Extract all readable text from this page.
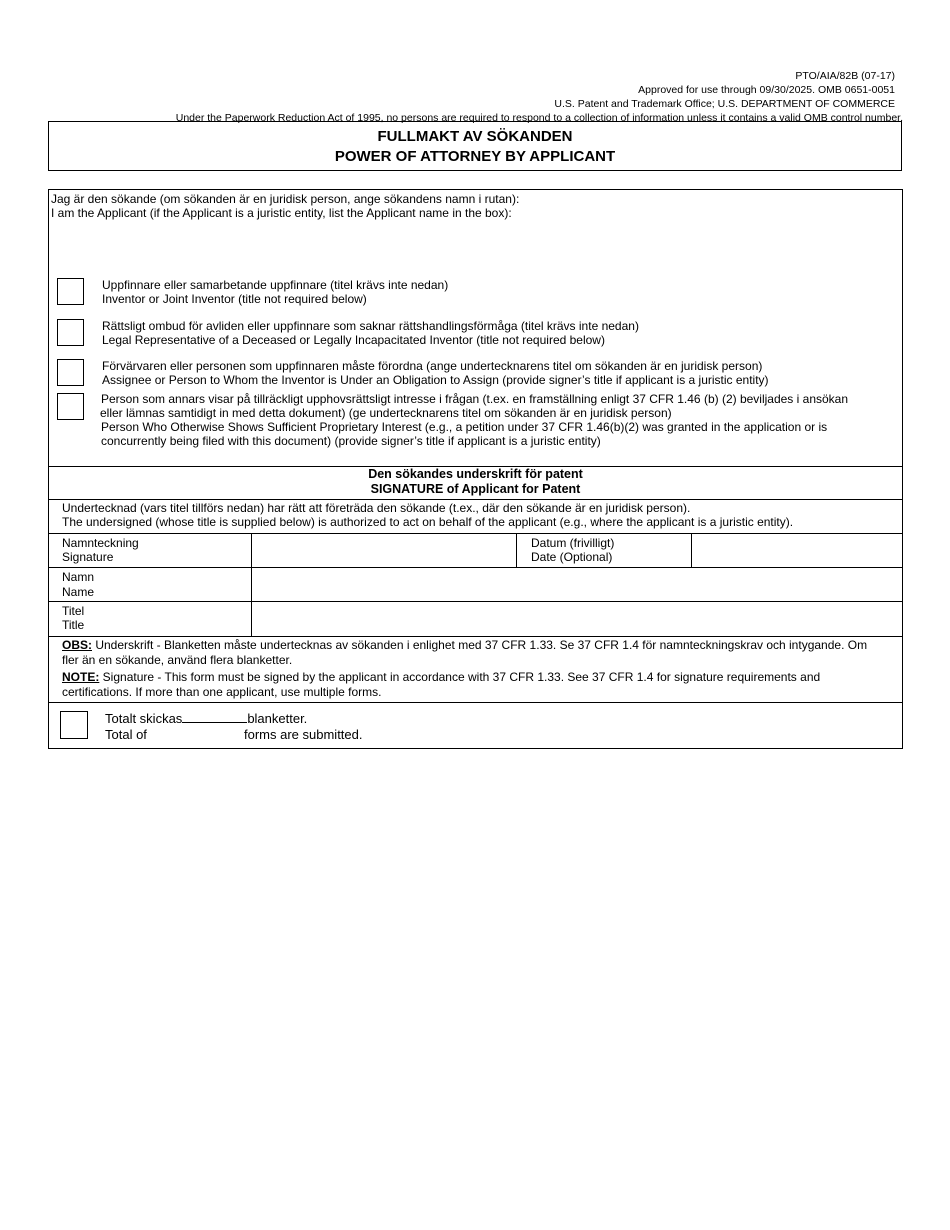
PTO/AIA/82B (07-17)
Approved for use through 09/30/2025. OMB 0651-0051
U.S. Patent and Trademark Office; U.S. DEPARTMENT OF COMMERCE
Under the Paperwork Reduction Act of 1995, no persons are required to respond to a collection of information unless it contains a valid OMB control number.
FULLMAKT AV SÖKANDEN
POWER OF ATTORNEY BY APPLICANT
Jag är den sökande (om sökanden är en juridisk person, ange sökandens namn i rutan):
I am the Applicant (if the Applicant is a juristic entity, list the Applicant name in the box):
Uppfinnare eller samarbetande uppfinnare (titel krävs inte nedan)
Inventor or Joint Inventor (title not required below)
Rättsligt ombud för avliden eller uppfinnare som saknar rättshandlingsförmåga (titel krävs inte nedan)
Legal Representative of a Deceased or Legally Incapacitated Inventor (title not required below)
Förvärvaren eller personen som uppfinnaren måste förordna (ange undertecknarens titel om sökanden är en juridisk person)
Assignee or Person to Whom the Inventor is Under an Obligation to Assign (provide signer’s title if applicant is a juristic entity)
Person som annars visar på tillräckligt upphovsrättsligt intresse i frågan (t.ex. en framställning enligt 37 CFR 1.46 (b) (2) beviljades i ansökan
eller lämnas samtidigt in med detta dokument) (ge undertecknarens titel om sökanden är en juridisk person)
Person Who Otherwise Shows Sufficient Proprietary Interest (e.g., a petition under 37 CFR 1.46(b)(2) was granted in the application or is
concurrently being filed with this document) (provide signer’s title if applicant is a juristic entity)
Den sökandes underskrift för patent
SIGNATURE of Applicant for Patent
Undertecknad (vars titel tillförs nedan) har rätt att företräda den sökande (t.ex., där den sökande är en juridisk person).
The undersigned (whose title is supplied below) is authorized to act on behalf of the applicant (e.g., where the applicant is a juristic entity).
Namnteckning
Signature
Datum (frivilligt)
Date (Optional)
Namn
Name
Titel
Title
OBS: Underskrift - Blanketten måste undertecknas av sökanden i enlighet med 37 CFR 1.33. Se 37 CFR 1.4 för namnteckningskrav och intygande. Om
fler än en sökande, använd flera blanketter.
NOTE: Signature - This form must be signed by the applicant in accordance with 37 CFR 1.33. See 37 CFR 1.4 for signature requirements and
certifications. If more than one applicant, use multiple forms.
Totalt skickas	blanketter.
Total of	forms are submitted.
